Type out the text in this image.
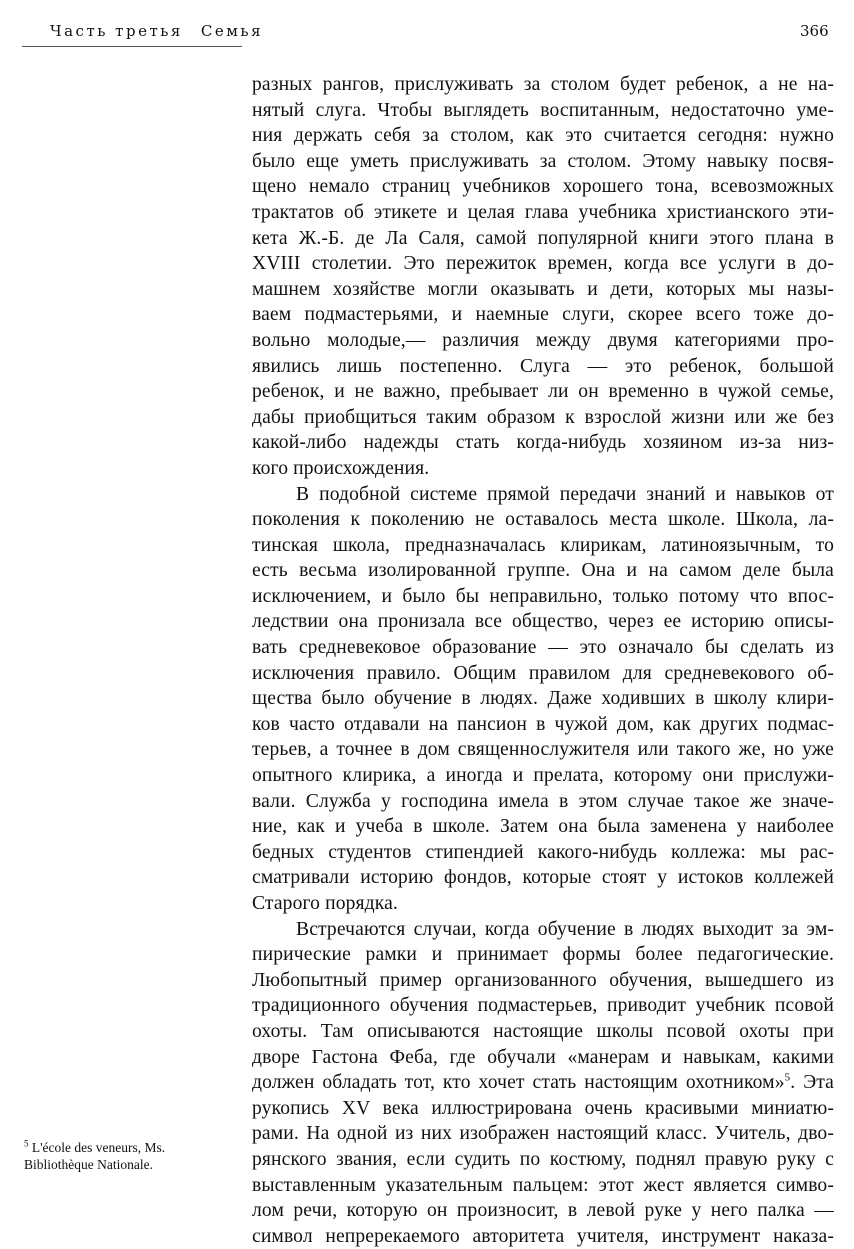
Часть третья Семья	366

разных рангов, прислуживать за столом будет ребенок, а не на-
нятый слуга. Чтобы выглядеть воспитанным, недостаточно уме-
ния держать себя за столом, как это считается сегодня: нужно
было еще уметь прислуживать за столом. Этому навыку посвя-
щено немало страниц учебников хорошего тона, всевозможных
трактатов об этикете и целая глава учебника христианского эти-
кета Ж.-Б. де Ла Саля, самой популярной книги этого плана в
XVIII столетии. Это пережиток времен, когда все услуги в до-
машнем хозяйстве могли оказывать и дети, которых мы назы-
ваем подмастерьями, и наемные слуги, скорее всего тоже до-
вольно молодые,— различия между двумя категориями про-
явились лишь постепенно. Слуга — это ребенок, большой
ребенок, и не важно, пребывает ли он временно в чужой семье,
дабы приобщиться таким образом к взрослой жизни или же без
какой-либо надежды стать когда-нибудь хозяином из-за низ-
кого происхождения.

В подобной системе прямой передачи знаний и навыков от
поколения к поколению не оставалось места школе. Школа, ла-
тинская школа, предназначалась клирикам, латиноязычным, то
есть весьма изолированной группе. Она и на самом деле была
исключением, и было бы неправильно, только потому что впос-
ледствии она пронизала все общество, через ее историю описы-
вать средневековое образование — это означало бы сделать из
исключения правило. Общим правилом для средневекового об-
щества было обучение в людях. Даже ходивших в школу клири-
ков часто отдавали на пансион в чужой дом, как других подмас-
терьев, а точнее в дом священнослужителя или такого же, но уже
опытного клирика, а иногда и прелата, которому они прислужи-
вали. Служба у господина имела в этом случае такое же значе-
ние, как и учеба в школе. Затем она была заменена у наиболее
бедных студентов стипендией какого-нибудь коллежа: мы рас-
сматривали историю фондов, которые стоят у истоков коллежей
Старого порядка.

Встречаются случаи, когда обучение в людях выходит за эм-
пирические рамки и принимает формы более педагогические.
Любопытный пример организованного обучения, вышедшего из
традиционного обучения подмастерьев, приводит учебник псовой
охоты. Там описываются настоящие школы псовой охоты при
дворе Гастона Феба, где обучали «манерам и навыкам, какими
должен обладать тот, кто хочет стать настоящим охотником»$^5$. Эта
рукопись XV века иллюстрирована очень красивыми миниатю-
рами. На одной из них изображен настоящий класс. Учитель, дво-
рянского звания, если судить по костюму, поднял правую руку с
выставленным указательным пальцем: этот жест является симво-
лом речи, которую он произносит, в левой руке у него палка —
символ непререкаемого авторитета учителя, инструмент наказа-

$^5$ L'école des veneurs, Ms.
Bibliothèque Nationale.
